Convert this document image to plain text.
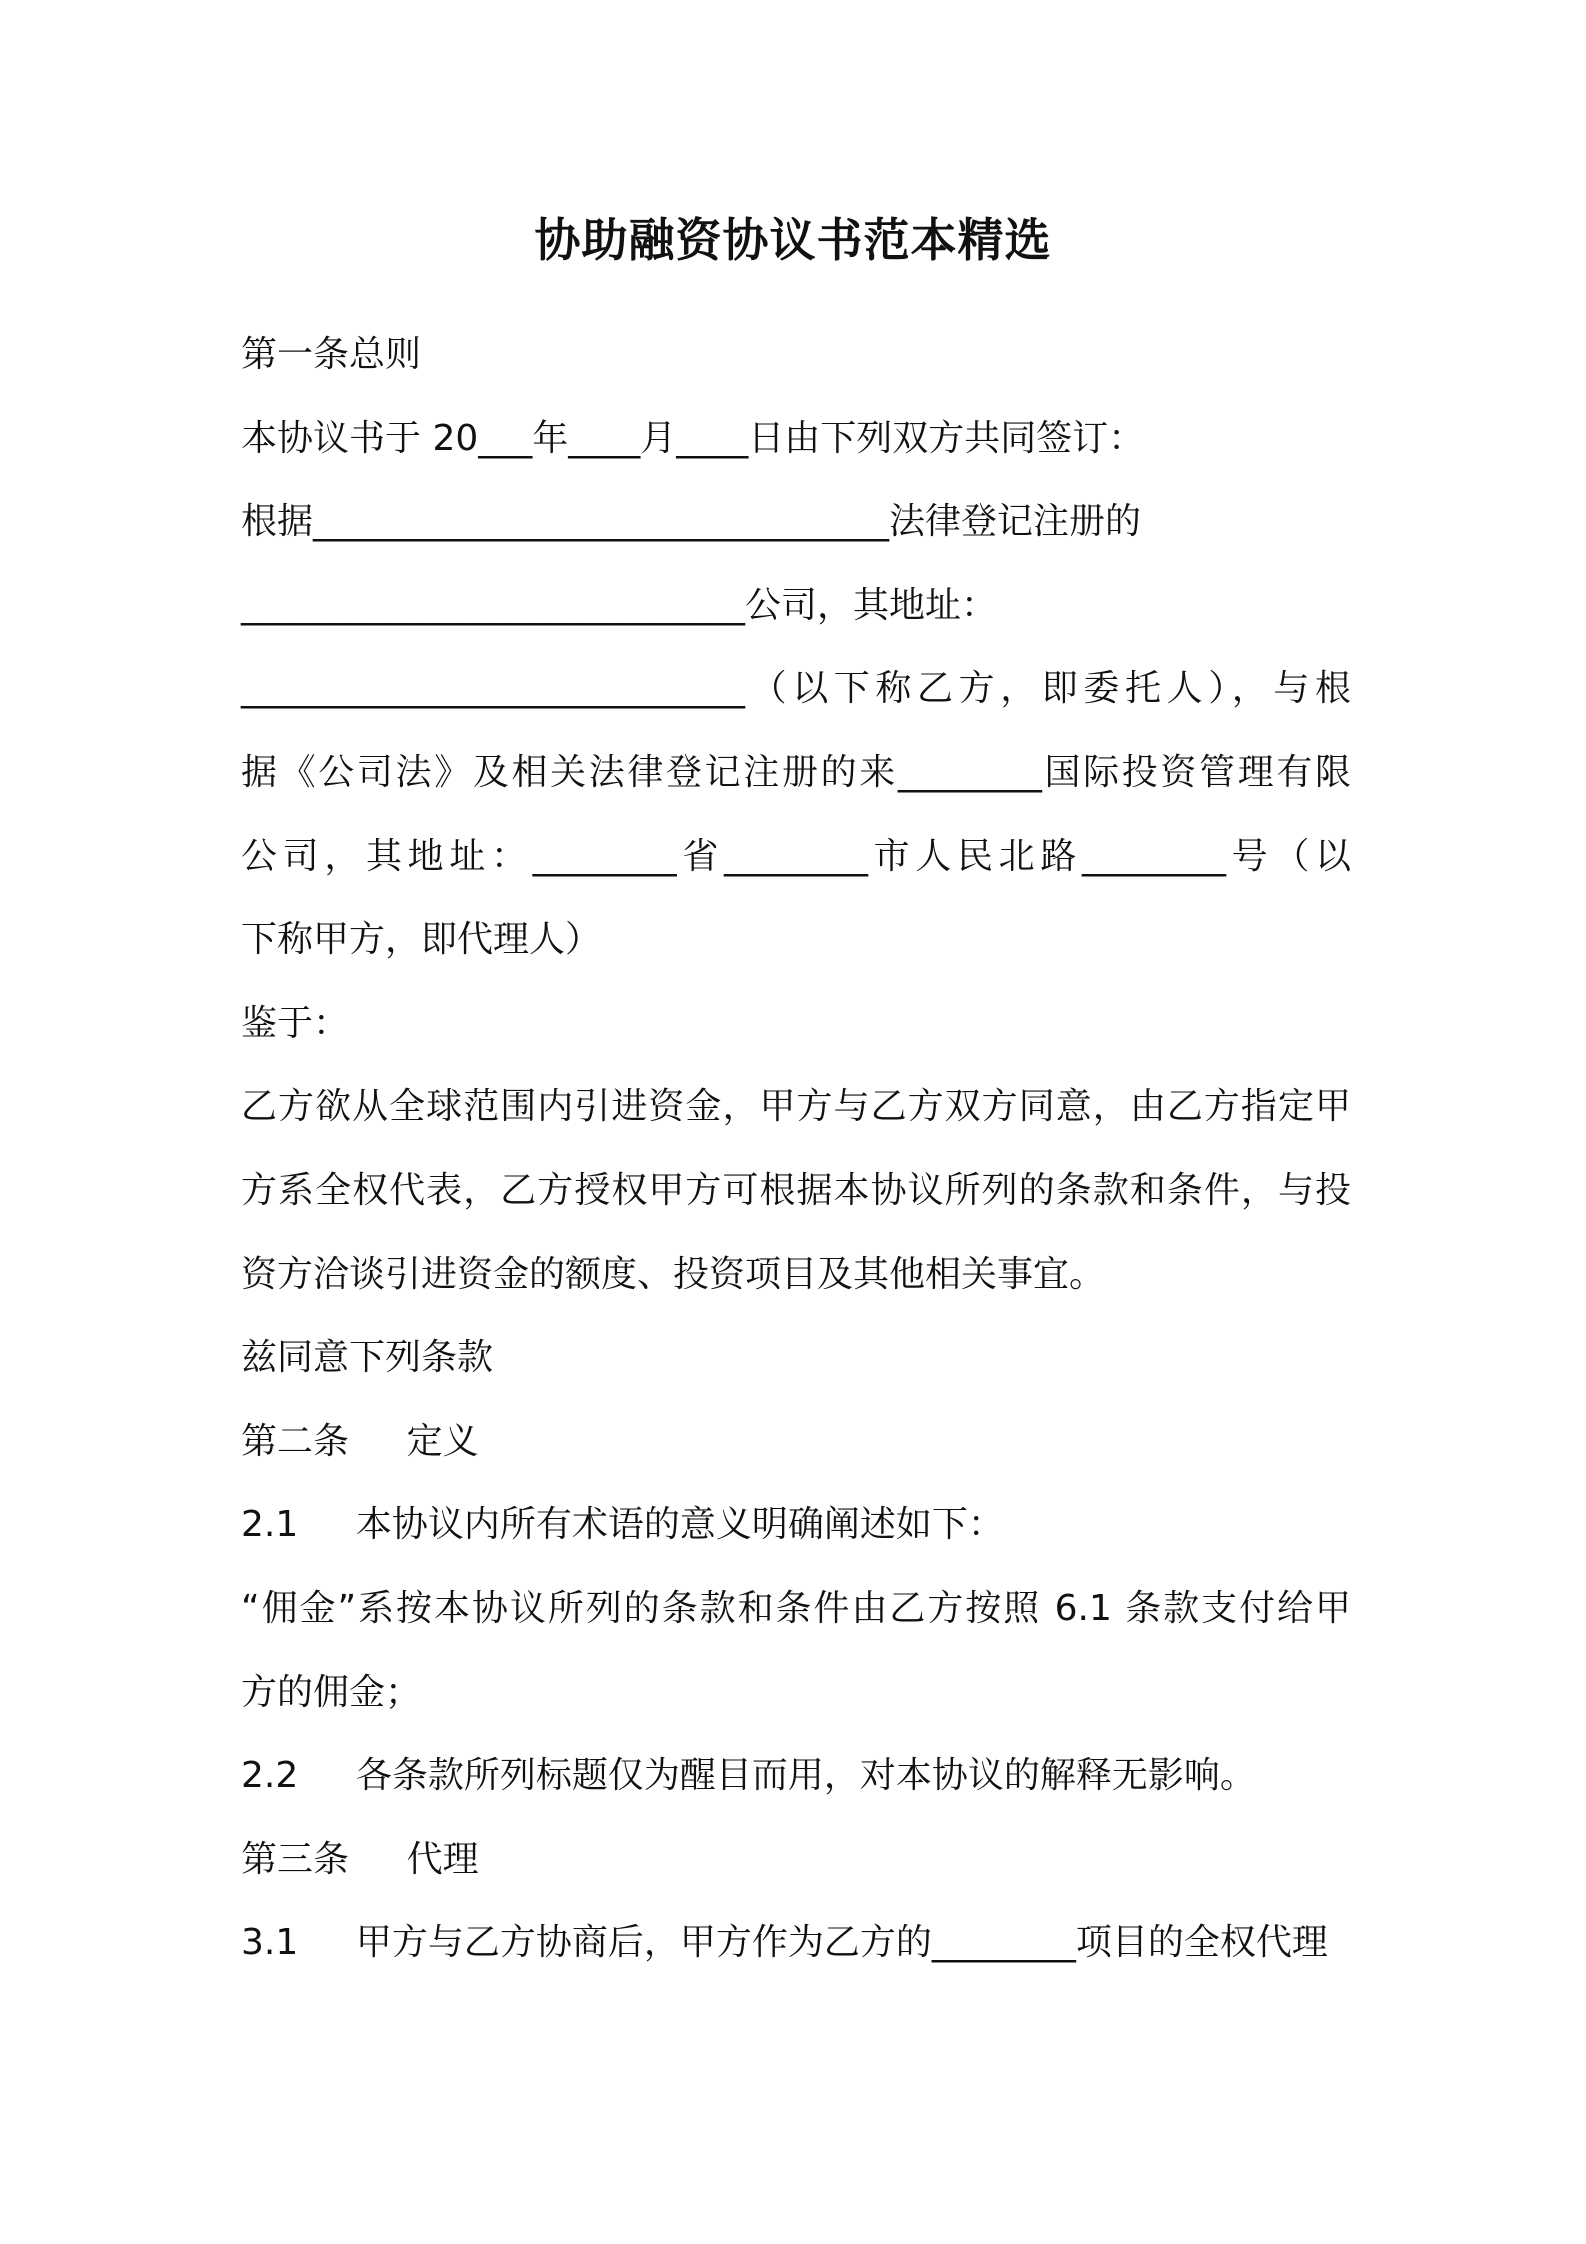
协助融资协议书范本精选
第一条总则
本协议书于 20___年____月____日由下列双方共同签订：
根据________________________________法律登记注册的
____________________________公司，其地址：
____________________________（以下称乙方，即委托人），与根
据《公司法》及相关法律登记注册的来________国际投资管理有限
公司，其地址：________省________市人民北路________号（以
下称甲方，即代理人）
鉴于：
乙方欲从全球范围内引进资金，甲方与乙方双方同意，由乙方指定甲
方系全权代表，乙方授权甲方可根据本协议所列的条款和条件，与投
资方洽谈引进资金的额度、投资项目及其他相关事宜。
兹同意下列条款
第二条 定义
2.1 本协议内所有术语的意义明确阐述如下：
“佣金”系按本协议所列的条款和条件由乙方按照 6.1 条款支付给甲
方的佣金；
2.2 各条款所列标题仅为醒目而用，对本协议的解释无影响。
第三条 代理
3.1 甲方与乙方协商后，甲方作为乙方的________项目的全权代理
